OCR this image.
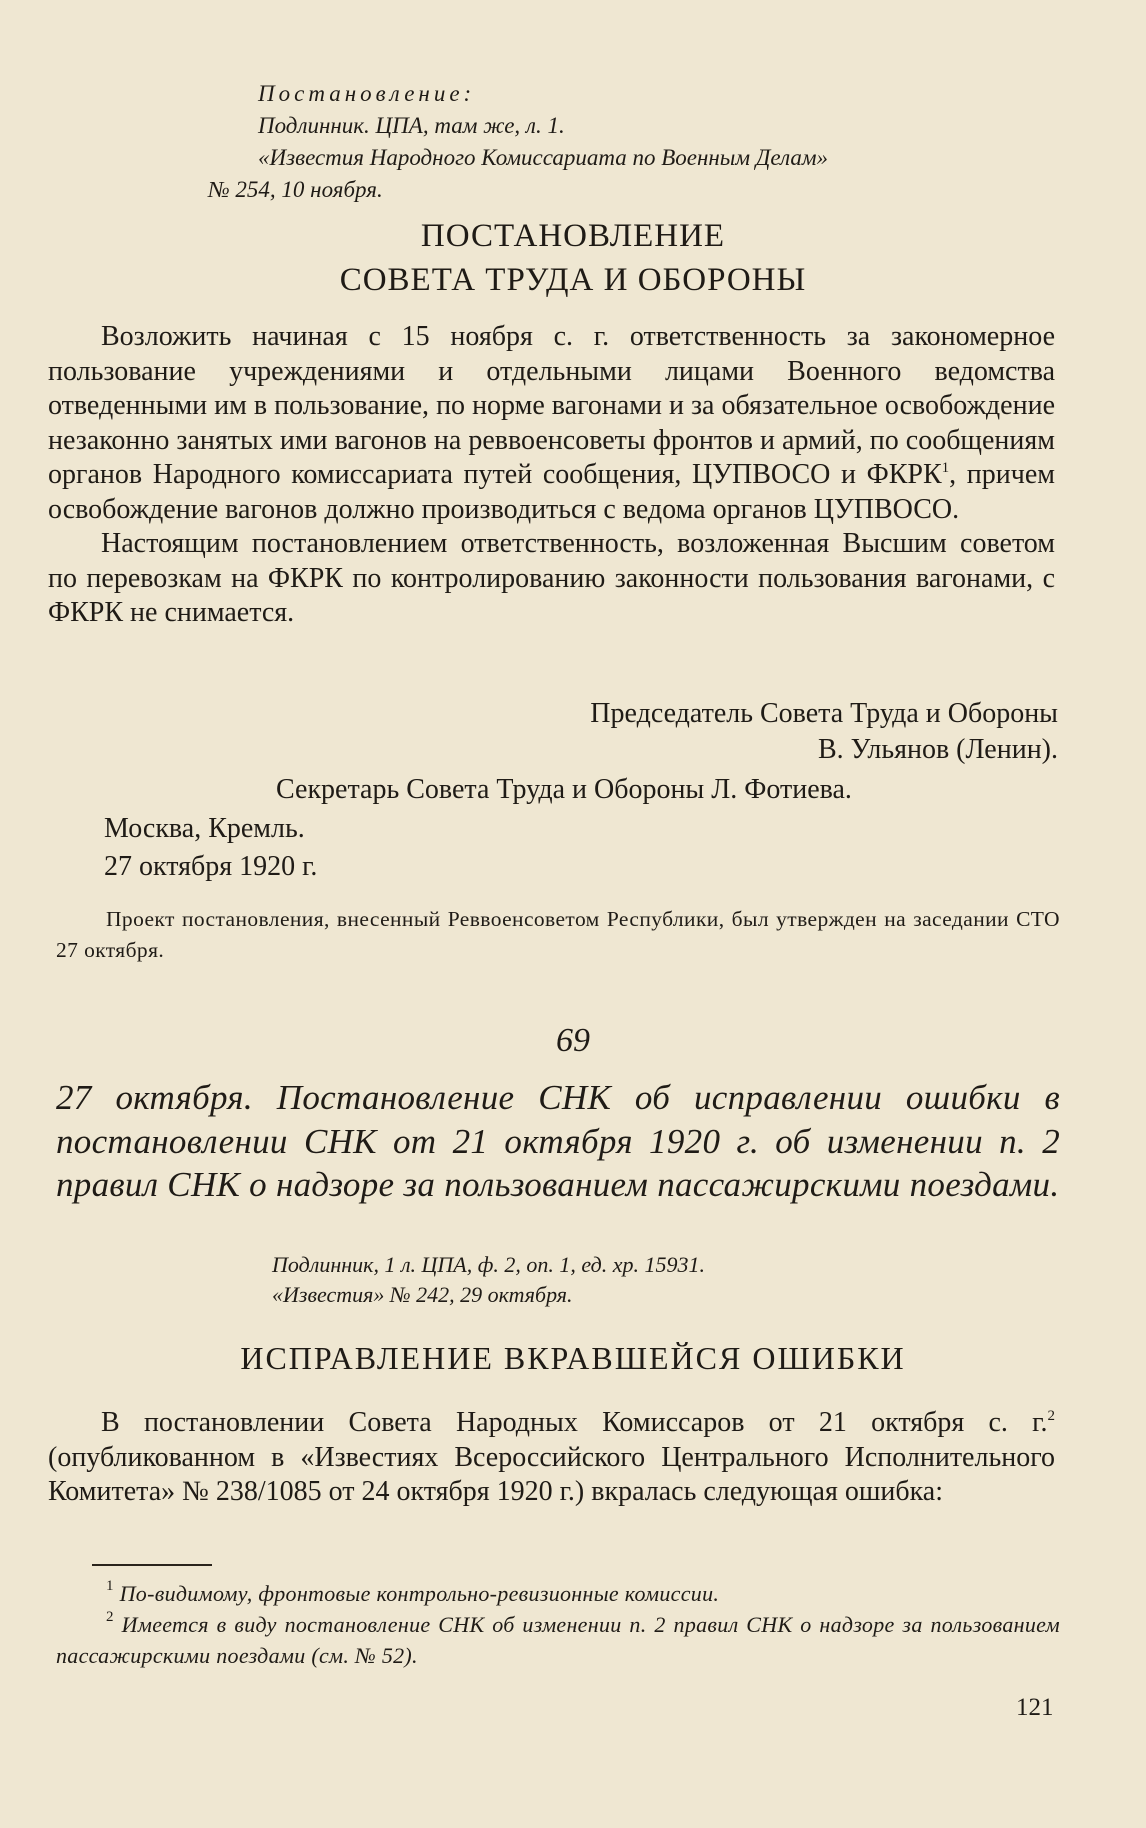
Постановление:
Подлинник. ЦПА, там же, л. 1.
«Известия Народного Комиссариата по Военным Делам»
№ 254, 10 ноября.
ПОСТАНОВЛЕНИЕ
СОВЕТА ТРУДА И ОБОРОНЫ

Возложить начиная с 15 ноября с. г. ответственность за закономерное пользование учреждениями и отдельными лицами Военного ведомства отведенными им в пользование, по норме вагонами и за обязательное освобождение незаконно занятых ими вагонов на реввоенсоветы фронтов и армий, по сообщениям органов Народного комиссариата путей сообщения, ЦУПВОСО и ФКРК$^1$, причем освобождение вагонов должно производиться с ведома органов ЦУПВОСО.

Настоящим постановлением ответственность, возложенная Высшим советом по перевозкам на ФКРК по контролированию законности пользования вагонами, с ФКРК не снимается.

Председатель Совета Труда и Обороны
В. Ульянов (Ленин).
Секретарь Совета Труда и Обороны Л. Фотиева.
Москва, Кремль.
27 октября 1920 г.

Проект постановления, внесенный Реввоенсоветом Республики, был утвержден на заседании СТО 27 октября.

69
27 октября. Постановление СНК об исправлении ошибки в постановлении СНК от 21 октября 1920 г. об изменении п. 2 правил СНК о надзоре за пользованием пассажирскими поездами.
Подлинник, 1 л. ЦПА, ф. 2, оп. 1, ед. хр. 15931.
«Известия» № 242, 29 октября.
ИСПРАВЛЕНИЕ ВКРАВШЕЙСЯ ОШИБКИ

В постановлении Совета Народных Комиссаров от 21 октября с. г.$^2$ (опубликованном в «Известиях Всероссийского Центрального Исполнительного Комитета» № 238/1085 от 24 октября 1920 г.) вкралась следующая ошибка:

$^1$ По-видимому, фронтовые контрольно-ревизионные комиссии.

$^2$ Имеется в виду постановление СНК об изменении п. 2 правил СНК о надзоре за пользованием пассажирскими поездами (см. № 52).

121
